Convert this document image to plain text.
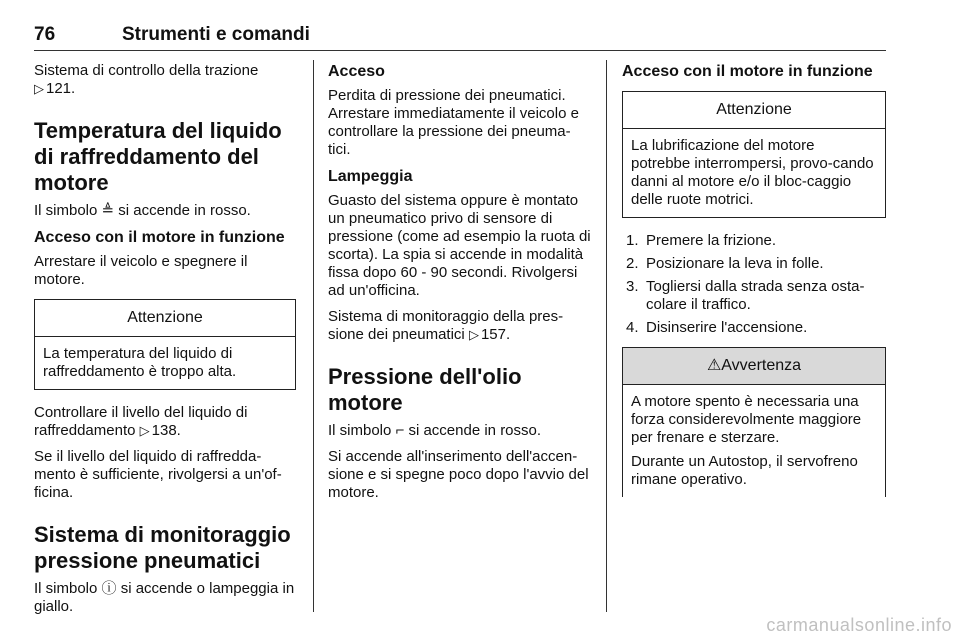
76	Strumenti e comandi

Sistema di controllo della trazione
▷ 121.

Temperatura del liquido di raffreddamento del motore

Il simbolo ≜ si accende in rosso.

Acceso con il motore in funzione

Arrestare il veicolo e spegnere il motore.

Attenzione

La temperatura del liquido di raffreddamento è troppo alta.

Controllare il livello del liquido di raffreddamento ▷ 138.

Se il livello del liquido di raffredda-mento è sufficiente, rivolgersi a un'of-ficina.

Sistema di monitoraggio pressione pneumatici

Il simbolo ⓘ si accende o lampeggia in giallo.

Acceso

Perdita di pressione dei pneumatici. Arrestare immediatamente il veicolo e controllare la pressione dei pneuma-tici.

Lampeggia

Guasto del sistema oppure è montato un pneumatico privo di sensore di pressione (come ad esempio la ruota di scorta). La spia si accende in modalità fissa dopo 60 - 90 secondi. Rivolgersi ad un'officina.

Sistema di monitoraggio della pres-sione dei pneumatici ▷ 157.

Pressione dell'olio motore

Il simbolo ⌐ si accende in rosso.

Si accende all'inserimento dell'accen-sione e si spegne poco dopo l'avvio del motore.

Acceso con il motore in funzione
Attenzione

La lubrificazione del motore potrebbe interrompersi, provo-cando danni al motore e/o il bloc-caggio delle ruote motrici.

1. Premere la frizione.
2. Posizionare la leva in folle.
3. Togliersi dalla strada senza osta-colare il traffico.
4. Disinserire l'accensione.
⚠Avvertenza

A motore spento è necessaria una forza considerevolmente maggiore per frenare e sterzare.

Durante un Autostop, il servofreno rimane operativo.

carmanualsonline.info
